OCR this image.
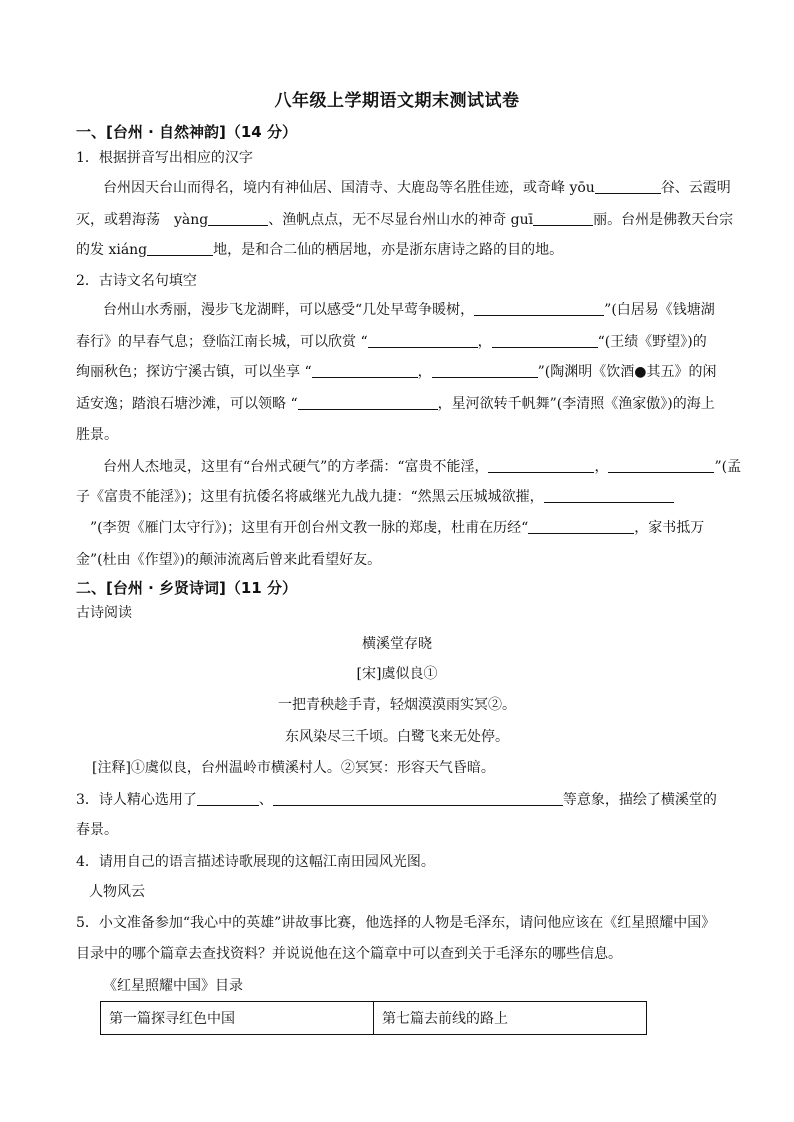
八年级上学期语文期末测试试卷
一、[台州 · 自然神韵]（14 分）
1．根据拼音写出相应的汉字
台州因天台山而得名，境内有神仙居、国清寺、大鹿岛等名胜佳迹，或奇峰 yōu	谷、云霞明
灭，或碧海荡　yàng	、渔帆点点，无不尽显台州山水的神奇 guī	丽。台州是佛教天台宗
的发 xiáng	地，是和合二仙的栖居地，亦是浙东唐诗之路的目的地。
2．古诗文名句填空
台州山水秀丽，漫步飞龙湖畔，可以感受“几处早莺争暖树，	”(白居易《钱塘湖
春行》的早春气息；登临江南长城，可以欣赏 “	，	“(王绩《野望》)的
绚丽秋色；探访宁溪古镇，可以坐享 “	，	”(陶渊明《饮酒●其五》的闲
适安逸；踏浪石塘沙滩，可以领略 “	，星河欲转千帆舞”(李清照《渔家傲》)的海上
胜景。
台州人杰地灵，这里有“台州式硬气”的方孝孺：“富贵不能淫，	，	”(孟
子《富贵不能淫》)；这里有抗倭名将戚继光九战九捷：“然黑云压城城欲摧，
”(李贺《雁门太守行》)；这里有开创台州文教一脉的郑虔，杜甫在历经“	，家书抵万
金”(杜由《作望》)的颠沛流离后曾来此看望好友。
二、[台州 · 乡贤诗词]（11 分）
古诗阅读
横溪堂存晓
[宋]虞似良①
一把青秧趁手青，轻烟漠漠雨实冥②。
东风染尽三千顷。白鹭飞来无处停。
[注释]①虞似良，台州温岭市横溪村人。②冥冥：形容天气昏暗。
3．诗人精心选用了	、	等意象，描绘了横溪堂的
春景。
4．请用自己的语言描述诗歌展现的这幅江南田园风光图。
人物风云
5．小文准备参加“我心中的英雄”讲故事比赛，他选择的人物是毛泽东，请问他应该在《红星照耀中国》
目录中的哪个篇章去查找资料？并说说他在这个篇章中可以查到关于毛泽东的哪些信息。
《红星照耀中国》目录
第一篇探寻红色中国	第七篇去前线的路上
